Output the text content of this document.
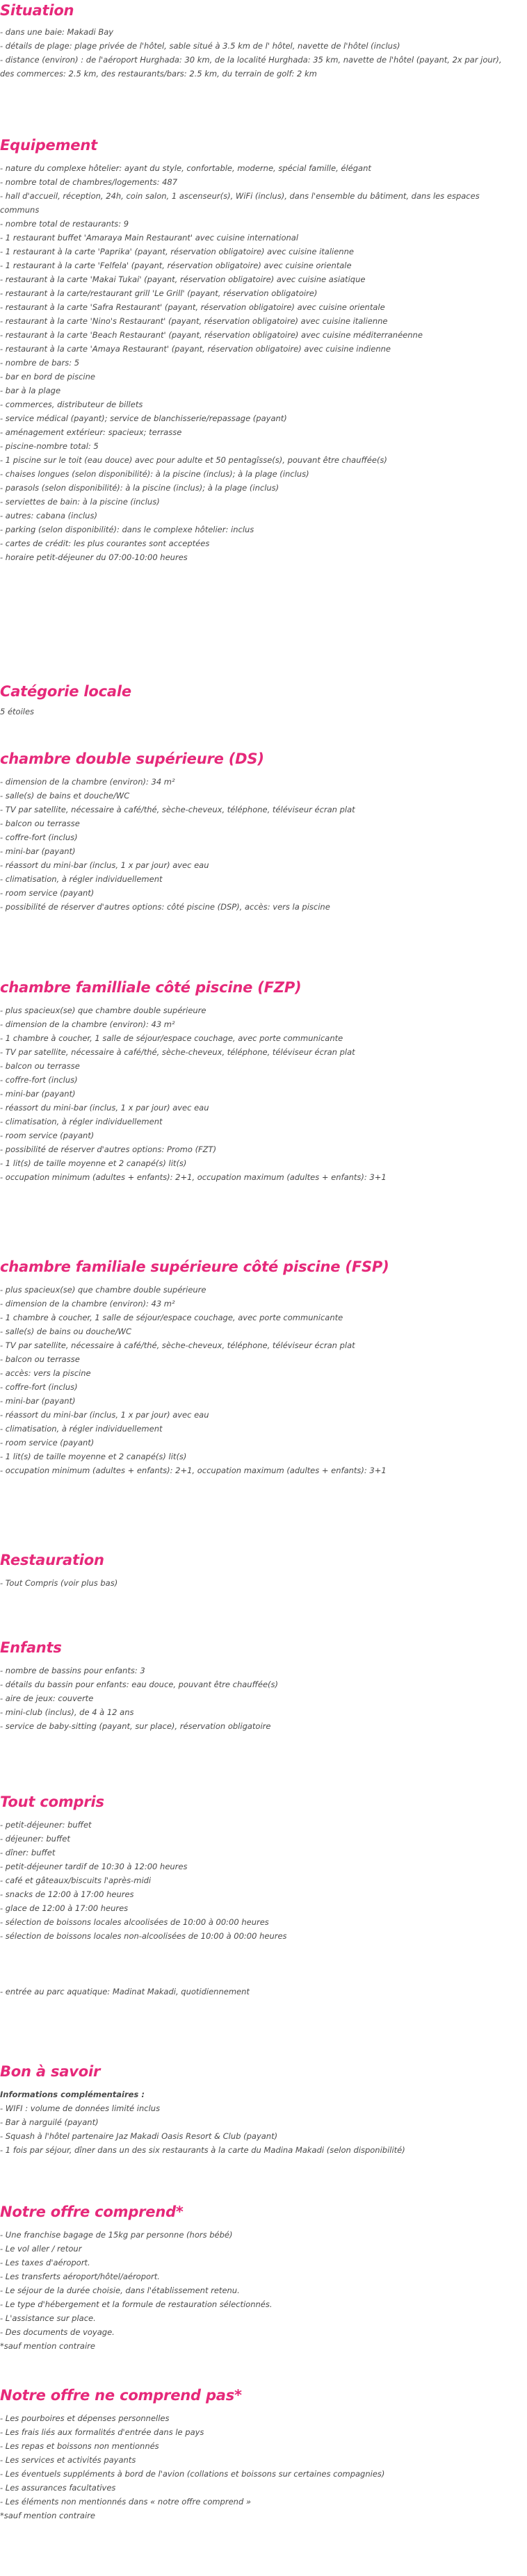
Situation
- dans une baie: Makadi Bay
- détails de plage: plage privée de l'hôtel, sable situé à 3.5 km de l' hôtel, navette de l'hôtel (inclus)
- distance (environ) : de l'aéroport Hurghada: 30 km, de la localité Hurghada: 35 km, navette de l'hôtel (payant, 2x par jour), des commerces: 2.5 km, des restaurants/bars: 2.5 km, du terrain de golf: 2 km
Equipement
- nature du complexe hôtelier: ayant du style, confortable, moderne, spécial famille, élégant
- nombre total de chambres/logements: 487
- hall d'accueil, réception, 24h, coin salon, 1 ascenseur(s), WiFi (inclus), dans l'ensemble du bâtiment, dans les espaces communs
- nombre total de restaurants: 9
- 1 restaurant buffet 'Amaraya Main Restaurant' avec cuisine international
- 1 restaurant à la carte 'Paprika' (payant, réservation obligatoire) avec cuisine italienne
- 1 restaurant à la carte 'Felfela' (payant, réservation obligatoire) avec cuisine orientale
- restaurant à la carte 'Makai Tukai' (payant, réservation obligatoire) avec cuisine asiatique
- restaurant à la carte/restaurant grill 'Le Grill' (payant, réservation obligatoire)
- restaurant à la carte 'Safra Restaurant' (payant, réservation obligatoire) avec cuisine orientale
- restaurant à la carte 'Nino's Restaurant' (payant, réservation obligatoire) avec cuisine italienne
- restaurant à la carte 'Beach Restaurant' (payant, réservation obligatoire) avec cuisine méditerranéenne
- restaurant à la carte 'Amaya Restaurant' (payant, réservation obligatoire) avec cuisine indienne
- nombre de bars: 5
- bar en bord de piscine
- bar à la plage
- commerces, distributeur de billets
- service médical (payant); service de blanchisserie/repassage (payant)
- aménagement extérieur: spacieux; terrasse
- piscine-nombre total: 5
- 1 piscine sur le toit (eau douce) avec pour adulte et 50 pentagîsse(s), pouvant être chauffée(s)
- chaises longues (selon disponibilité): à la piscine (inclus); à la plage (inclus)
- parasols (selon disponibilité): à la piscine (inclus); à la plage (inclus)
- serviettes de bain: à la piscine (inclus)
- autres: cabana (inclus)
- parking (selon disponibilité): dans le complexe hôtelier: inclus
- cartes de crédit: les plus courantes sont acceptées
- horaire petit-déjeuner du 07:00-10:00 heures
Catégorie locale
5 étoiles
chambre double supérieure (DS)
- dimension de la chambre (environ): 34 m²
- salle(s) de bains et douche/WC
- TV par satellite, nécessaire à café/thé, sèche-cheveux, téléphone, téléviseur écran plat
- balcon ou terrasse
- coffre-fort (inclus)
- mini-bar (payant)
- réassort du mini-bar (inclus, 1 x par jour) avec eau
- climatisation, à régler individuellement
- room service (payant)
- possibilité de réserver d'autres options: côté piscine (DSP), accès: vers la piscine
chambre familliale côté piscine (FZP)
- plus spacieux(se) que chambre double supérieure
- dimension de la chambre (environ): 43 m²
- 1 chambre à coucher, 1 salle de séjour/espace couchage, avec porte communicante
- TV par satellite, nécessaire à café/thé, sèche-cheveux, téléphone, téléviseur écran plat
- balcon ou terrasse
- coffre-fort (inclus)
- mini-bar (payant)
- réassort du mini-bar (inclus, 1 x par jour) avec eau
- climatisation, à régler individuellement
- room service (payant)
- possibilité de réserver d'autres options: Promo (FZT)
- 1 lit(s) de taille moyenne et 2 canapé(s) lit(s)
- occupation minimum (adultes + enfants): 2+1, occupation maximum (adultes + enfants): 3+1
chambre familiale supérieure côté piscine (FSP)
- plus spacieux(se) que chambre double supérieure
- dimension de la chambre (environ): 43 m²
- 1 chambre à coucher, 1 salle de séjour/espace couchage, avec porte communicante
- salle(s) de bains ou douche/WC
- TV par satellite, nécessaire à café/thé, sèche-cheveux, téléphone, téléviseur écran plat
- balcon ou terrasse
- accès: vers la piscine
- coffre-fort (inclus)
- mini-bar (payant)
- réassort du mini-bar (inclus, 1 x par jour) avec eau
- climatisation, à régler individuellement
- room service (payant)
- 1 lit(s) de taille moyenne et 2 canapé(s) lit(s)
- occupation minimum (adultes + enfants): 2+1, occupation maximum (adultes + enfants): 3+1
Restauration
- Tout Compris (voir plus bas)
Enfants
- nombre de bassins pour enfants: 3
- détails du bassin pour enfants: eau douce, pouvant être chauffée(s)
- aire de jeux: couverte
- mini-club (inclus), de 4 à 12 ans
- service de baby-sitting (payant, sur place), réservation obligatoire
Tout compris
- petit-déjeuner: buffet
- déjeuner: buffet
- dîner: buffet
- petit-déjeuner tardif de 10:30 à 12:00 heures
- café et gâteaux/biscuits l'après-midi
- snacks de 12:00 à 17:00 heures
- glace de 12:00 à 17:00 heures
- sélection de boissons locales alcoolisées de 10:00 à 00:00 heures
- sélection de boissons locales non-alcoolisées de 10:00 à 00:00 heures
- entrée au parc aquatique: Madinat Makadi, quotidiennement
Bon à savoir
Informations complémentaires :
- WIFI : volume de données limité inclus
- Bar à narguilé (payant)
- Squash à l'hôtel partenaire Jaz Makadi Oasis Resort & Club (payant)
- 1 fois par séjour, dîner dans un des six restaurants à la carte du Madina Makadi (selon disponibilité)
Notre offre comprend*
- Une franchise bagage de 15kg par personne (hors bébé)
- Le vol aller / retour
- Les taxes d'aéroport.
- Les transferts aéroport/hôtel/aéroport.
- Le séjour de la durée choisie, dans l'établissement retenu.
- Le type d'hébergement et la formule de restauration sélectionnés.
- L'assistance sur place.
- Des documents de voyage.
*sauf mention contraire
Notre offre ne comprend pas*
- Les pourboires et dépenses personnelles
- Les frais liés aux formalités d'entrée dans le pays
- Les repas et boissons non mentionnés
- Les services et activités payants
- Les éventuels suppléments à bord de l'avion (collations et boissons sur certaines compagnies)
- Les assurances facultatives
- Les éléments non mentionnés dans « notre offre comprend »
*sauf mention contraire
